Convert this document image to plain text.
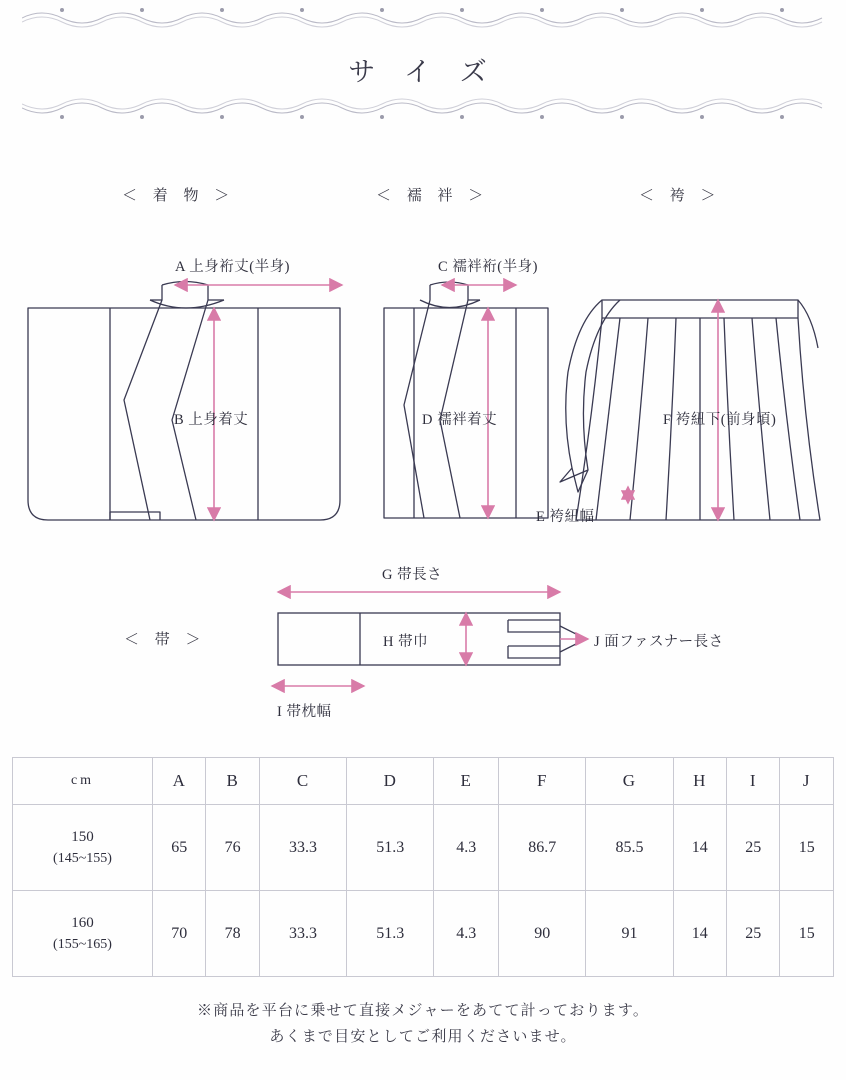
サ イ ズ
＜ 着 物 ＞	＜ 襦 袢 ＞	＜ 袴 ＞
＜ 帯 ＞
A 上身裄丈(半身)
B 上身着丈
C 襦袢裄(半身)
D 襦袢着丈
E 袴紐幅
F 袴紐下(前身頃)
G 帯長さ
H 帯巾
I 帯枕幅
J 面ファスナー長さ
cm	A	B	C	D	E	F	G	H	I	J
150
(145~155)	65	76	33.3	51.3	4.3	86.7	85.5	14	25	15
160
(155~165)	70	78	33.3	51.3	4.3	90	91	14	25	15
※商品を平台に乗せて直接メジャーをあてて計っております。
あくまで目安としてご利用くださいませ。
